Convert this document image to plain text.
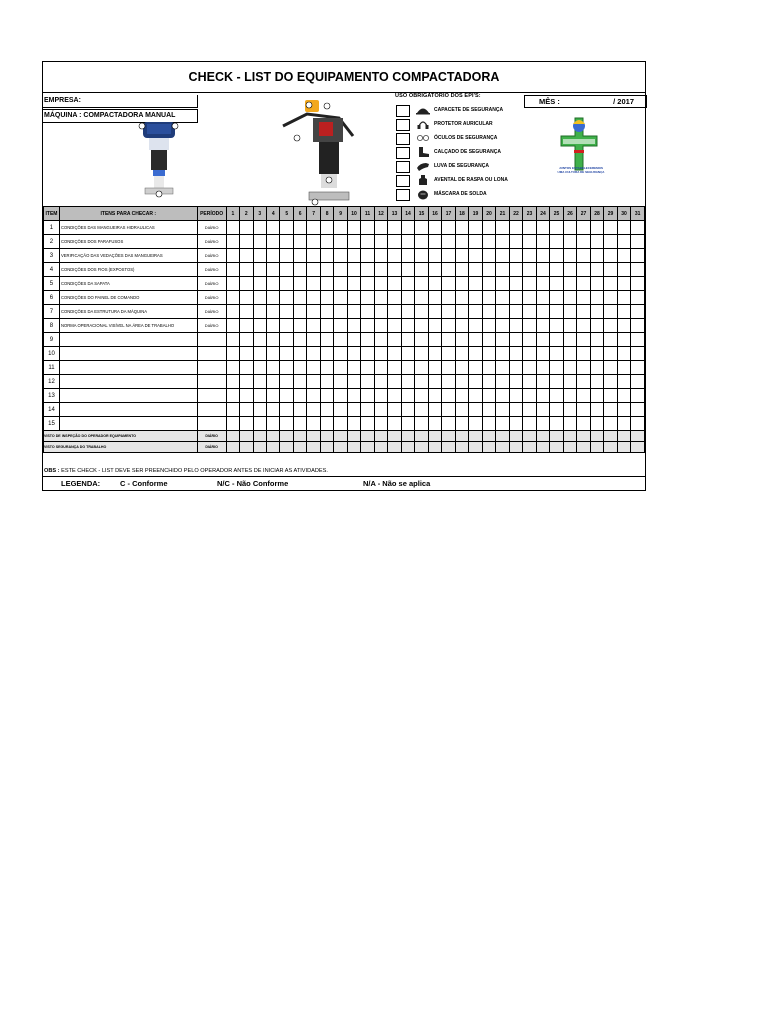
CHECK - LIST DO EQUIPAMENTO COMPACTADORA
EMPRESA:
MÁQUINA : COMPACTADORA MANUAL
MÊS :	/ 2017
USO OBRIGATÓRIO DOS EPI'S:
CAPACETE DE SEGURANÇA
PROTETOR AURICULAR
ÓCULOS DE SEGURANÇA
CALÇADO DE SEGURANÇA
LUVA DE SEGURANÇA
AVENTAL DE RASPA OU LONA
MÁSCARA DE SOLDA
JUNTOS ESTABELECEREMOS UMA CULTURA DE SEGURANÇA
ITEM	ITENS PARA CHECAR :	PERÍODO	1	2	3	4	5	6	7	8	9	10	11	12	13	14	15	16	17	18	19	20	21	22	23	24	25	26	27	28	29	30	31
1	CONDIÇÕES DAS MANGUEIRAS HIDRAULICAS	DIÁRIO																															
2	CONDIÇÕES DOS PARAFUSOS	DIÁRIO																															
3	VERIFICAÇÃO DAS VEDAÇÕES DAS MANGUEIRAS	DIÁRIO																															
4	CONDIÇÕES DOS FIOS (EXPOSTOS)	DIÁRIO																															
5	CONDIÇÕES DA SAPATA	DIÁRIO																															
6	CONDIÇÕES DO PAINEL DE COMANDO	DIÁRIO																															
7	CONDIÇÕES DA ESTRUTURA DA MÁQUINA	DIÁRIO																															
8	NORMA OPERACIONAL VISÍVEL NA ÁREA DE TRABALHO	DIÁRIO																															
9																																	
10																																	
11																																	
12																																	
13																																	
14																																	
15																																	
VISTO DE INSPEÇÃO DO OPERADOR EQUIPAMENTO		DIÁRIO																															
VISTO SEGURANÇA DO TRABALHO		DIÁRIO																															
OBS : ESTE CHECK - LIST DEVE SER PREENCHIDO PELO OPERADOR ANTES DE INICIAR AS ATIVIDADES.
LEGENDA:	C - Conforme	N/C - Não Conforme	N/A - Não se aplica
